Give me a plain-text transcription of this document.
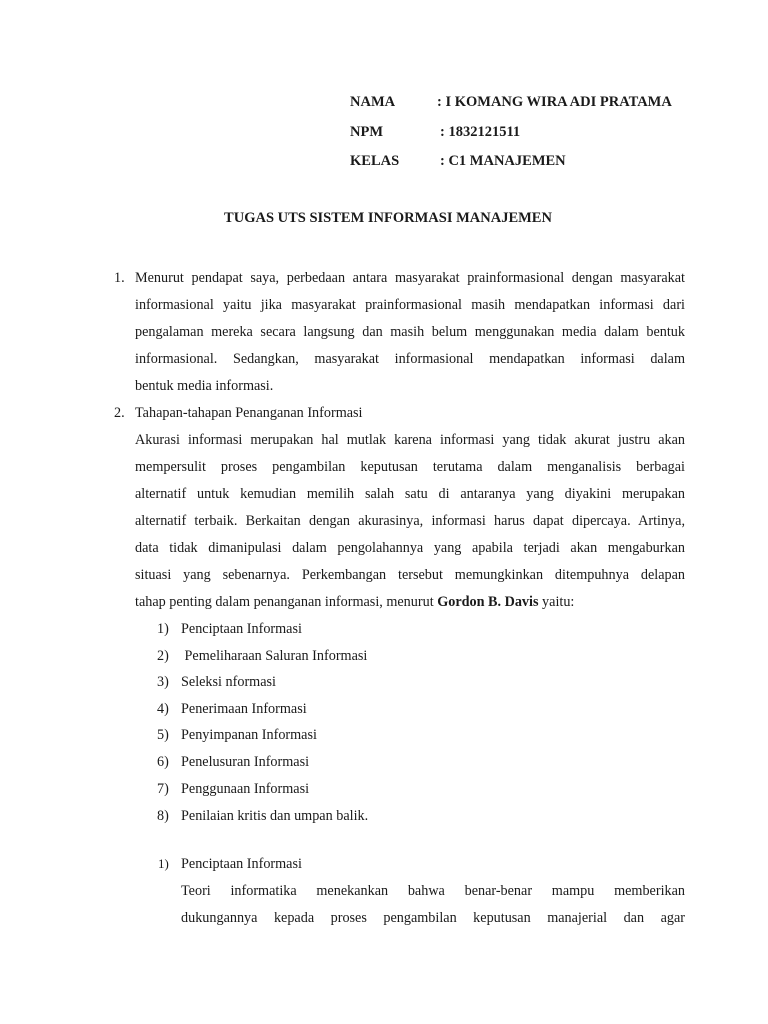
NAMA	: I KOMANG WIRA ADI PRATAMA
NPM	: 1832121511
KELAS	: C1 MANAJEMEN
TUGAS UTS SISTEM INFORMASI MANAJEMEN
1. Menurut pendapat saya, perbedaan antara masyarakat prainformasional dengan masyarakat
informasional yaitu jika masyarakat prainformasional masih mendapatkan informasi dari
pengalaman mereka secara langsung dan masih belum menggunakan media dalam bentuk
informasional. Sedangkan, masyarakat informasional mendapatkan informasi dalam
bentuk media informasi.
2. Tahapan-tahapan Penanganan Informasi
Akurasi informasi merupakan hal mutlak karena informasi yang tidak akurat justru akan
mempersulit proses pengambilan keputusan terutama dalam menganalisis berbagai
alternatif untuk kemudian memilih salah satu di antaranya yang diyakini merupakan
alternatif terbaik. Berkaitan dengan akurasinya, informasi harus dapat dipercaya. Artinya,
data tidak dimanipulasi dalam pengolahannya yang apabila terjadi akan mengaburkan
situasi yang sebenarnya. Perkembangan tersebut memungkinkan ditempuhnya delapan
tahap penting dalam penanganan informasi, menurut Gordon B. Davis yaitu:
1) Penciptaan Informasi
2) Pemeliharaan Saluran Informasi
3) Seleksi nformasi
4) Penerimaan Informasi
5) Penyimpanan Informasi
6) Penelusuran Informasi
7) Penggunaan Informasi
8) Penilaian kritis dan umpan balik.
1) Penciptaan Informasi
Teori informatika menekankan bahwa benar-benar mampu memberikan
dukungannya kepada proses pengambilan keputusan manajerial dan agar
